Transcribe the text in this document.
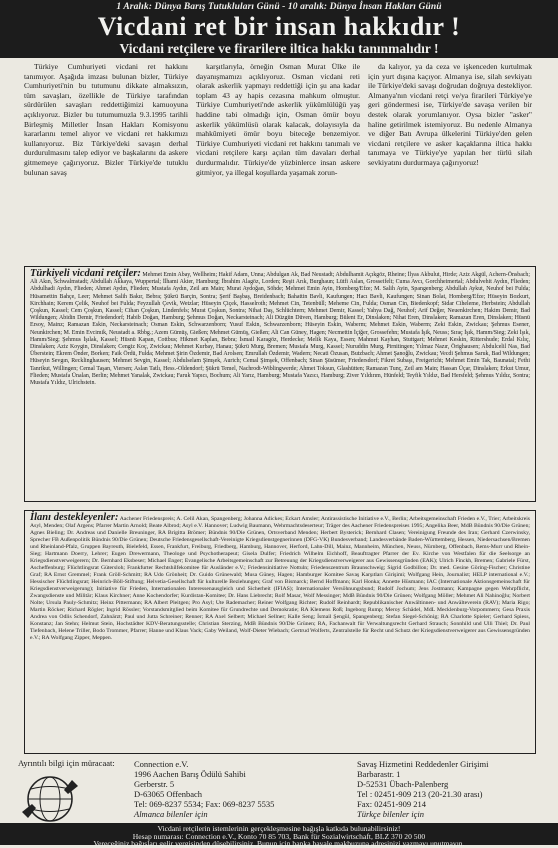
1 Aralık: Dünya Barış Tutukluları Günü - 10 aralık: Dünya İnsan Hakları Günü
Vicdani ret bir insan hakkıdır !
Vicdani retçilere ve firarilere iltica hakkı tanınmalıdır !

Türkiye Cumhuriyeti vicdani ret hakkını tanımıyor. Aşağıda imzası bulunan bizler, Türkiye Cumhuriyeti'nin bu tutumunu dikkate almaksızın, tüm savaşları, özellikle de Türkiye tarafından sürdürülen savaşları reddettiğimizi kamuoyuna açıklıyoruz. Bizler bu tutumumuzla 9.3.1995 tarihli Birleşmiş Milletler İnsan Hakları Komisyonu kararlarını temel alıyor ve vicdani ret hakkımızı kullanıyoruz. Biz Türkiye'deki savaşın derhal durdurulmasını talep ediyor ve başkalarını da askere gitmemeye çağırıyoruz. Bizler Türkiye'de tutuklu bulunan savaş

karşıtlarıyla, örneğin Osman Murat Ülke ile dayanışmamızı açıklıyoruz. Osman vicdani reti olarak askerlik yapmayı reddettiği için şu ana kadar toplam 43 ay hapis cezasına mahkum olmuştur. Türkiye Cumhuriyeti'nde askerlik yükümlülüğü yaş haddine tabi olmadığı için, Osman ömür boyu askerlik yükümlüsü olarak kalacak, dolayısıyla da mahkûmiyeti ömür boyu biteceğe benzemiyor. Türkiye Cumhuriyeti vicdani ret hakkını tanımalı ve vicdani retçilere karşı açılan tüm davaları derhal durdurmalıdır. Türkiye'de yüzbinlerce insan askere gitmiyor, ya illegal koşullarda yaşamak zorun-

da kalıyor, ya da ceza ve işkenceden kurtulmak için yurt dışına kaçıyor. Almanya ise, silah sevkiyatı ile Türkiye'deki savaşı doğrudan doğruya destekliyor. Almanya'nın vicdani retçi ve/ya firarileri Türkiye'ye geri göndermesi ise, Türkiye'de savaşa verilen bir destek olarak yorumlanıyor. Oysa bizler "asker" haline getirilmek istemiyoruz. Bu nedenle Almanya ve diğer Batı Avrupa ülkelerini Türkiye'den gelen vicdani retçilere ve asker kaçaklarına iltica hakkı tanımaya ve Türkiye'ye yapılan her türlü silah sevkiyatını durdurmaya çağırıyoruz!

Türkiyeli vicdani retçiler: Mehmet Emin Abay, Wellheim; Hakif Adam, Unna; Abdulgan Ak, Bad Neustadt; Abdulhamit Açıkgöz, Rheine; İlyas Akbulut, Hirde; Aziz Akgül, Achern-Önsbach; Ali Akın, Schwalmstadt; Abdullah Akkaya, Wuppertal; İlhami Akter, Hamburg; İbrahim Alagöz, Lorden; Reşit Arık, Burghaun; Lütfi Aslan, Grosseifelt; Cuma Avcı, Gorchheimertal; Abdulvehit Aydın, Flieden; Abdulhadi Aydın, Flieden; Ahmet Aydın, Flieden; Mustafa Aydın, Zeil am Main; Murat Aydoğan, Söhde; Mehmet Emin Ayin, Homberg/Efze; M. Salih Ayin, Spangenberg; Abdullah Aykut, Neuhof bei Fulda; Hüsamettin Bahçe, Leer; Mehmet Salih Bakır, Bebra; Şükrü Barçin, Sontra; Şerif Başbaş, Breidenbach; Bahattin Bavli, Kaufungen; Hacı Bavli, Kaufungen; Sinan Bolat, Homberg/Efze; Hüseyin Bozkurt, Kirchhain; Kerem Çelik, Neuhof bei Fulda; Feyzullah Çevik, Wetzlar; Hüseyin Çiçek, Hasselroth; Mehmet Cin, Tetenbüll; Meheme Cin, Fulda; Osman Cin, Biedenkopf; Sidar Ciheleme, Herbstein; Abdullah Çoşkun, Kassel; Cem Çoşkun, Kassel; Cihan Çoşkun, Lindenfels; Murat Çoşkun, Sontra; Nihat Daş, Schlüchtern; Mehmet Demir, Kassel; Yahya Dağ, Neuhof; Arif Değer, Neuenkirchen; Hakim Demir, Bad Wildungen; Abidin Demir, Friedendorf; Habib Doğan, Hamburg; Şehmus Doğan, Neckarsteinach; Ali Düzgün Düven, Hamburg; Bülent Er, Dinslaken; Nihat Eren, Dinslaken; Ramazan Eren, Dinslaken; Hüsnü Ersoy, Mainz; Ramazan Eskin, Neckarsteinach; Osman Eskin, Schwarzenborn; Yusuf Eskin, Schwarzenborn; Hüseyin Eskin, Waberm; Mehmet Eskin, Waberm; Zeki Eskin, Zwickau; Şehmus Esener, Neunkirchen; M. Emin Evcimik, Neustadt a. Rbbg.; Azem Gümüş, Gießen; Mehmet Gümüş, Gießen; Ali Can Güney, Hagen; Necmettin İçiğer, Grossefehn; Mustafa İşik, Neuss; Sıraç İşık, Hamm/Sieg; Zeki İşık, Hamm/Sieg; Şehmus İşılak, Kassel; Hüsnü Kapan, Cottbus; Hikmet Kaplan, Bebra; İsmail Karagöz, Herdecke; Melik Kaya, Essen; Mahmut Kayhan, Stuttgart; Mehmet Keskin, Rittershude; Erdal Kılıç, Dinslaken; Aziz Koygin, Dinslaken; Cengiz Koç, Zwickau; Mehmet Kurbay, Hanau; Şükrü Murg, Bremen; Mustafa Murg, Kassel; Nuruddin Murg, Pirnitingen; Yılmaz Nazır, Örighausen; Abdulcelil Nas, Bad Überstein; Ekrem Önder, Borken; Faik Ördü, Fulda; Mehmet Şirin Özdemir, Bad Arolsen; Emrullah Özdemir, Wadern; Necati Özusan, Butzbach; Ahmet Şanoğlu, Zwickau; Vecdi Şehmus Saruk, Bad Wildungen; Hüseyin Sevgın, Recklinghausen; Mehmet Sevgin, Kassel; Abdulselam Şimşek, Aurich; Cemal Şimşek, Offenbach; Sinan Şüsümer, Friedersdorf; Fikret Subaşı, Freigericht; Mehmet Emin Tak, Baunatal; Fethi Tanrikut, Willingen; Cemal Taşan, Viersen; Aslan Tatlı, Hess.-Oldendorf; Şükrü Temel, Nachrodt-Wiblingwerde; Ahmet Toksun, Glashütten; Ramazan Tunç, Zeil am Main; Hassan Üçar, Dinslaken; Erkut Umur, Flieden; Mustafa Ünalan, Berlin; Mehmet Yanalak, Zwickau; Faruk Yapıcı, Bochum; Ali Yarız, Hamburg; Mustafa Yazıcı, Hamburg; Ziver Yıldırım, Hünfeld; Teyfik Yıldız, Bad Hersfeld; Şehmus Yıldız, Sontra; Mustafa Yıldız, Ulrichstein.
İlanı destekleyenler: Aachener Friedenspreis; A. Celil Akan, Spangenberg; Johanna Adickes; Eckart Amsler; Antirassistische Initiative e.V., Berlin; Arbeitsgemeinschaft Frieden e.V., Trier; Arbeitskreis Asyl, Menden; Olaf Argens; Pfarrer Martin Arnold; Beate Albrod; Asyl e.V. Hannover; Ludwig Baumann, Wehrmachtsdeserteur; Träger des Aachener Friedenspreises 1995; Angelika Beer, MdB Bündnis 90/Die Grünen; Agnes Bieling; Dr. Andreas und Danielle Breuninger, RA Brigitta Brömer; Bündnis 90/Die Grünen, Ortsverband Menden; Herbert Bysterick; Bernhard Clasen; Vereinigung Freunde des Iran; Gerhard Czerwinsky, Sprecher FB Außenpolitik Bündnis 90/Die Grünen; Deutsche Friedensgesellschaft-Vereinigte Kriegsdienstgegnerinnen (DFG-VK) Bundesverband; Landesverbände Baden-Württemberg, Hessen, Niedersachsen/Bremen und Rheinland-Pfalz, Gruppen Bayreuth, Bielefeld, Essen, Frankfurt, Freiburg, Friedberg, Hamburg, Hannover, Herford, Lahn-Dill, Mainz, Mannheim, München, Neuss, Nürnberg, Offenbach, Rems-Murr und Rhein-Sieg; Hartmann Doerry, Lehrer; Eugen Drewermann, Theologe und Psychotherapeut; Gisela Dulfer; Friedrich Wilhelm Eichhoff, Beauftragter Pfarrer der Ev. Kirche von Westfalen für die Seelsorge an Kriegsdienstverweigerern; Dr. Bernhard Eksbeser; Michael Enger; Evangelische Arbeitsgemeinschaft zur Betreuung der Kriegsdienstverweigerer aus Gewissensgründen (EAK); Ulrich Finckh, Bremen; Gabriele Fürst, Ascheffenburg; Flüchtlingsrat Gütersloh; Frankfurter Rechtshilfekomitee für Ausländer e.V.; Friedensinitiative Nottuln; Friedenszentrum Braunschweig; Sigrid Godbillon; Dr. med. Gesine Göring-Fischer; Christine Graf; RA Ernst Gremmel; Frank Gröll-Schmitt; RA Udo Grönheit; Dr. Guido Grünewald; Musa Güney, Hagen; Hamburger Komitee Savaş Karşıtları Girişimi; Wolfgang Hein, Journalist; HELP international e.V.; Hessischer Flüchtlingsrat; Heinrich-Böll-Stiftung; Helvetia-Gesellschaft für kulturelle Beziehungen; Graf von Bismarck; Bernd Hoffmann; Karl Honka; Annette Hüsmann; IAC (Internationale Aktionsgemeinschaft für Kriegsdienstverweigerung); Initiative für Frieden, Internationalen Interessenausgleich und Sicherheit (IFIAS); Internationaler Versöhnungsbund; Rudolf Jochum; Jens Jostmann; Kampagne gegen Wehrpflicht, Zwangsdienste und Militär; Klaus Kirchner; Anne Kochendorfer; Kurdistan-Komitee; Dr. Hans Liebrecht; Rolf Masar, Wolf Messinger; MdB Bündnis 90/Die Grünen; Wolfgang Möller; Mehmet Ali Nahinoğlu; Norbert Nolte; Ursula Pauly-Schmitz; Heinz Pittermann; RA Albert Pleitgen; Pro Asyl; Ute Rademacher; Reiner Wolfgang Richter; Rudolf Reinhardt; Republikanischer Anwältinnen- und Anwälteverein (RAV); Maria Rigo; Martin Röcker; Richard Rögler; Ingrid Rössler; Vorstandsmitglied beim Komitee für Grundrechte und Demokratie; RA Klemens Roß; Ingeborg Rump; Meroy Schädel, MdL Mecklenburg-Vorpommern; Gesa Praxis Andrea von Odlis Schendorf, Zahnärzt; Paul und Jutta Schreiner; Renner; RA Axel Selbert; Michael Sellner; Kalle Seng; İsmail Şengül, Spangenberg; Stefan Siegel-Schönig; RA Charlotte Spieler; Gerhard Spiess, Konstanz; Jan Stehn; Helmut Stein, Hochstädter KDV-Beratungsstelle; Christian Sterzing, MdB Bündnis 90/Die Grünen; RA, Fachanwalt für Verwaltungsrecht Gerhard Strauch; Sonnhild und Ulli Thiel; Dr. Paul Tiefenbach, Helene Triller, Bodo Trommer, Pfarrer; Hanne und Klaus Vack; Gaby Weiland, Wolf-Dieter Wiebach; Gertrud Wolferts, Zentralstelle für Recht und Schutz der Kriegsdienstverweigerer aus Gewissensgründen e.V.; RA Wolfgang Zipper, Meppen.
Ayrıntılı bilgi için müracaat: Connection e.V.
1996 Aachen Barış Ödülü Sahibi
Gerberstr. 5
D-63065 Offenbach
Tel: 069-8237 5534; Fax: 069-8237 5535
Almanca bilenler için
Savaş Hizmetini Reddedenler Girişimi
Barbarastr. 1
D-52531 Übach-Palenberg
Tel : 02451-909 213 (20-21.30 arası)
Fax: 02451-909 214
Türkçe bilenler için
Vicdani retçilerin istemlerinin gerçekleşmesine bağışla katkıda bulunabilirsiniz!
Hesap numarası: Connection e.V., Konto 70 85 703, Bank für Sozialwirtschaft, BLZ 370 20 500
Vereceğiniz bağışları gelir vergisinden düşebilirsiniz. Bunun için banka havale makbuzuna adresinizi yazmayı unutmayın.
